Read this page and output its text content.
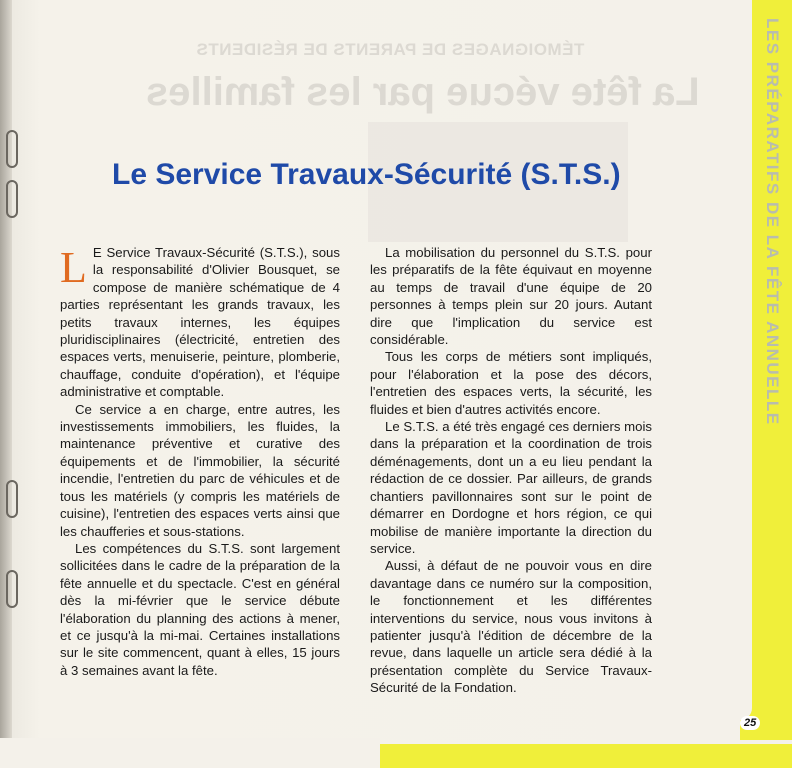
TÉMOIGNAGES DE PARENTS DE RÉSIDENTS
La fête vécue par les familles	LES PRÉPARATIFS DE LA FÊTE ANNUELLE
Le Service Travaux-Sécurité (S.T.S.)

L E Service Travaux-Sécurité (S.T.S.), sous la responsabilité d'Olivier Bousquet, se compose de manière schématique de 4 parties représentant les grands travaux, les petits travaux internes, les équipes pluridisciplinaires (électricité, entretien des espaces verts, menuiserie, peinture, plomberie, chauffage, conduite d'opération), et l'équipe administrative et comptable.

Ce service a en charge, entre autres, les investissements immobiliers, les fluides, la maintenance préventive et curative des équipements et de l'immobilier, la sécurité incendie, l'entretien du parc de véhicules et de tous les matériels (y compris les matériels de cuisine), l'entretien des espaces verts ainsi que les chaufferies et sous-stations.

Les compétences du S.T.S. sont largement sollicitées dans le cadre de la préparation de la fête annuelle et du spectacle. C'est en général dès la mi-février que le service débute l'élaboration du planning des actions à mener, et ce jusqu'à la mi-mai. Certaines installations sur le site commencent, quant à elles, 15 jours à 3 semaines avant la fête.

La mobilisation du personnel du S.T.S. pour les préparatifs de la fête équivaut en moyenne au temps de travail d'une équipe de 20 personnes à temps plein sur 20 jours. Autant dire que l'implication du service est considérable.

Tous les corps de métiers sont impliqués, pour l'élaboration et la pose des décors, l'entretien des espaces verts, la sécurité, les fluides et bien d'autres activités encore.

Le S.T.S. a été très engagé ces derniers mois dans la préparation et la coordination de trois déménagements, dont un a eu lieu pendant la rédaction de ce dossier. Par ailleurs, de grands chantiers pavillonnaires sont sur le point de démarrer en Dordogne et hors région, ce qui mobilise de manière importante la direction du service.

Aussi, à défaut de ne pouvoir vous en dire davantage dans ce numéro sur la composition, le fonctionnement et les différentes interventions du service, nous vous invitons à patienter jusqu'à l'édition de décembre de la revue, dans laquelle un article sera dédié à la présentation complète du Service Travaux-Sécurité de la Fondation.

25
